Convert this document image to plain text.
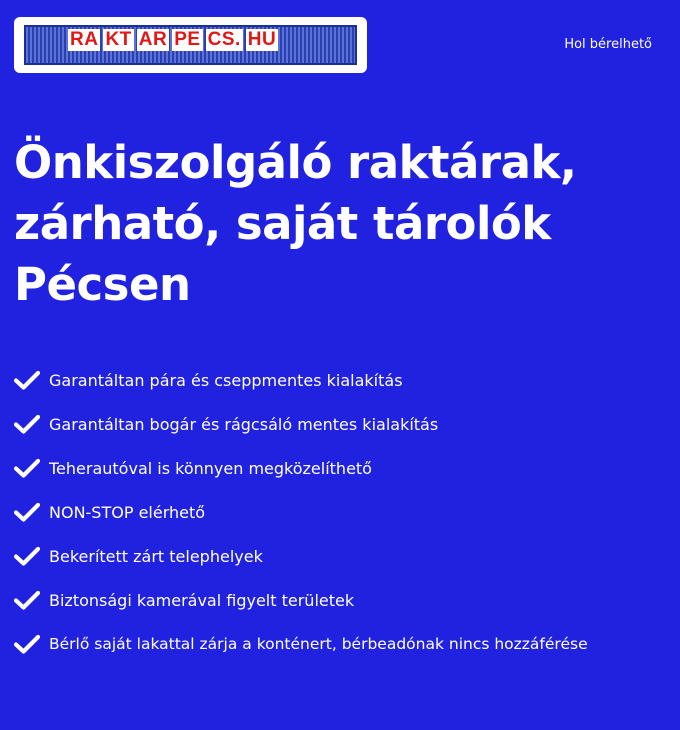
RA KT AR PE CS. HU	Hol bérelhető
Önkiszolgáló raktárak,
zárható, saját tárolók
Pécsen
Garantáltan pára és cseppmentes kialakítás
Garantáltan bogár és rágcsáló mentes kialakítás
Teherautóval is könnyen megközelíthető
NON-STOP elérhető
Bekerített zárt telephelyek
Biztonsági kamerával figyelt területek
Bérlő saját lakattal zárja a konténert, bérbeadónak nincs hozzáférése
